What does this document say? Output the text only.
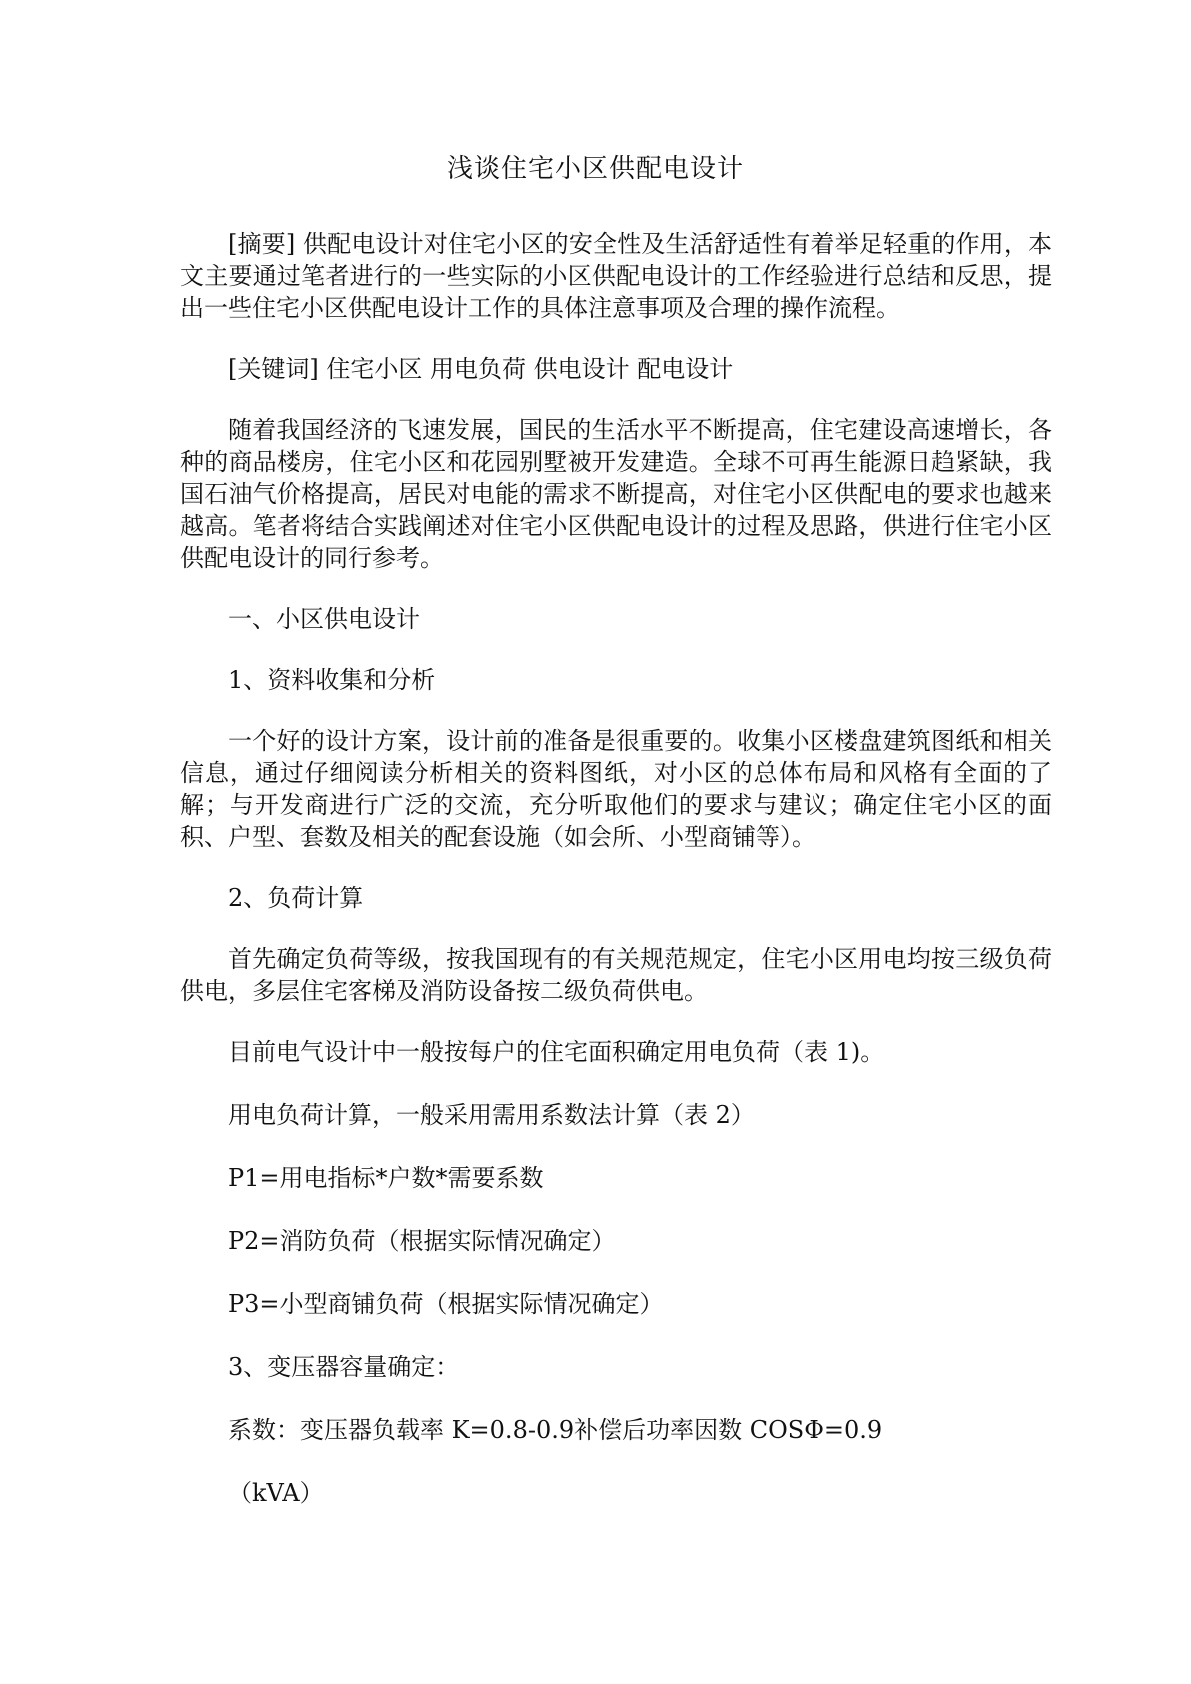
浅谈住宅小区供配电设计

[摘要] 供配电设计对住宅小区的安全性及生活舒适性有着举足轻重的作用，本文主要通过笔者进行的一些实际的小区供配电设计的工作经验进行总结和反思，提出一些住宅小区供配电设计工作的具体注意事项及合理的操作流程。

[关键词] 住宅小区 用电负荷 供电设计 配电设计

随着我国经济的飞速发展，国民的生活水平不断提高，住宅建设高速增长，各种的商品楼房，住宅小区和花园别墅被开发建造。全球不可再生能源日趋紧缺，我国石油气价格提高，居民对电能的需求不断提高，对住宅小区供配电的要求也越来越高。笔者将结合实践阐述对住宅小区供配电设计的过程及思路，供进行住宅小区供配电设计的同行参考。

一、小区供电设计

1、资料收集和分析

一个好的设计方案，设计前的准备是很重要的。收集小区楼盘建筑图纸和相关信息，通过仔细阅读分析相关的资料图纸，对小区的总体布局和风格有全面的了解；与开发商进行广泛的交流，充分听取他们的要求与建议；确定住宅小区的面积、户型、套数及相关的配套设施（如会所、小型商铺等）。

2、负荷计算

首先确定负荷等级，按我国现有的有关规范规定，住宅小区用电均按三级负荷供电，多层住宅客梯及消防设备按二级负荷供电。

目前电气设计中一般按每户的住宅面积确定用电负荷（表 1)。

用电负荷计算，一般采用需用系数法计算（表 2）

P1=用电指标*户数*需要系数

P2=消防负荷（根据实际情况确定）

P3=小型商铺负荷（根据实际情况确定）

3、变压器容量确定：

系数：变压器负载率 K=0.8-0.9补偿后功率因数 COSΦ=0.9

（kVA）
